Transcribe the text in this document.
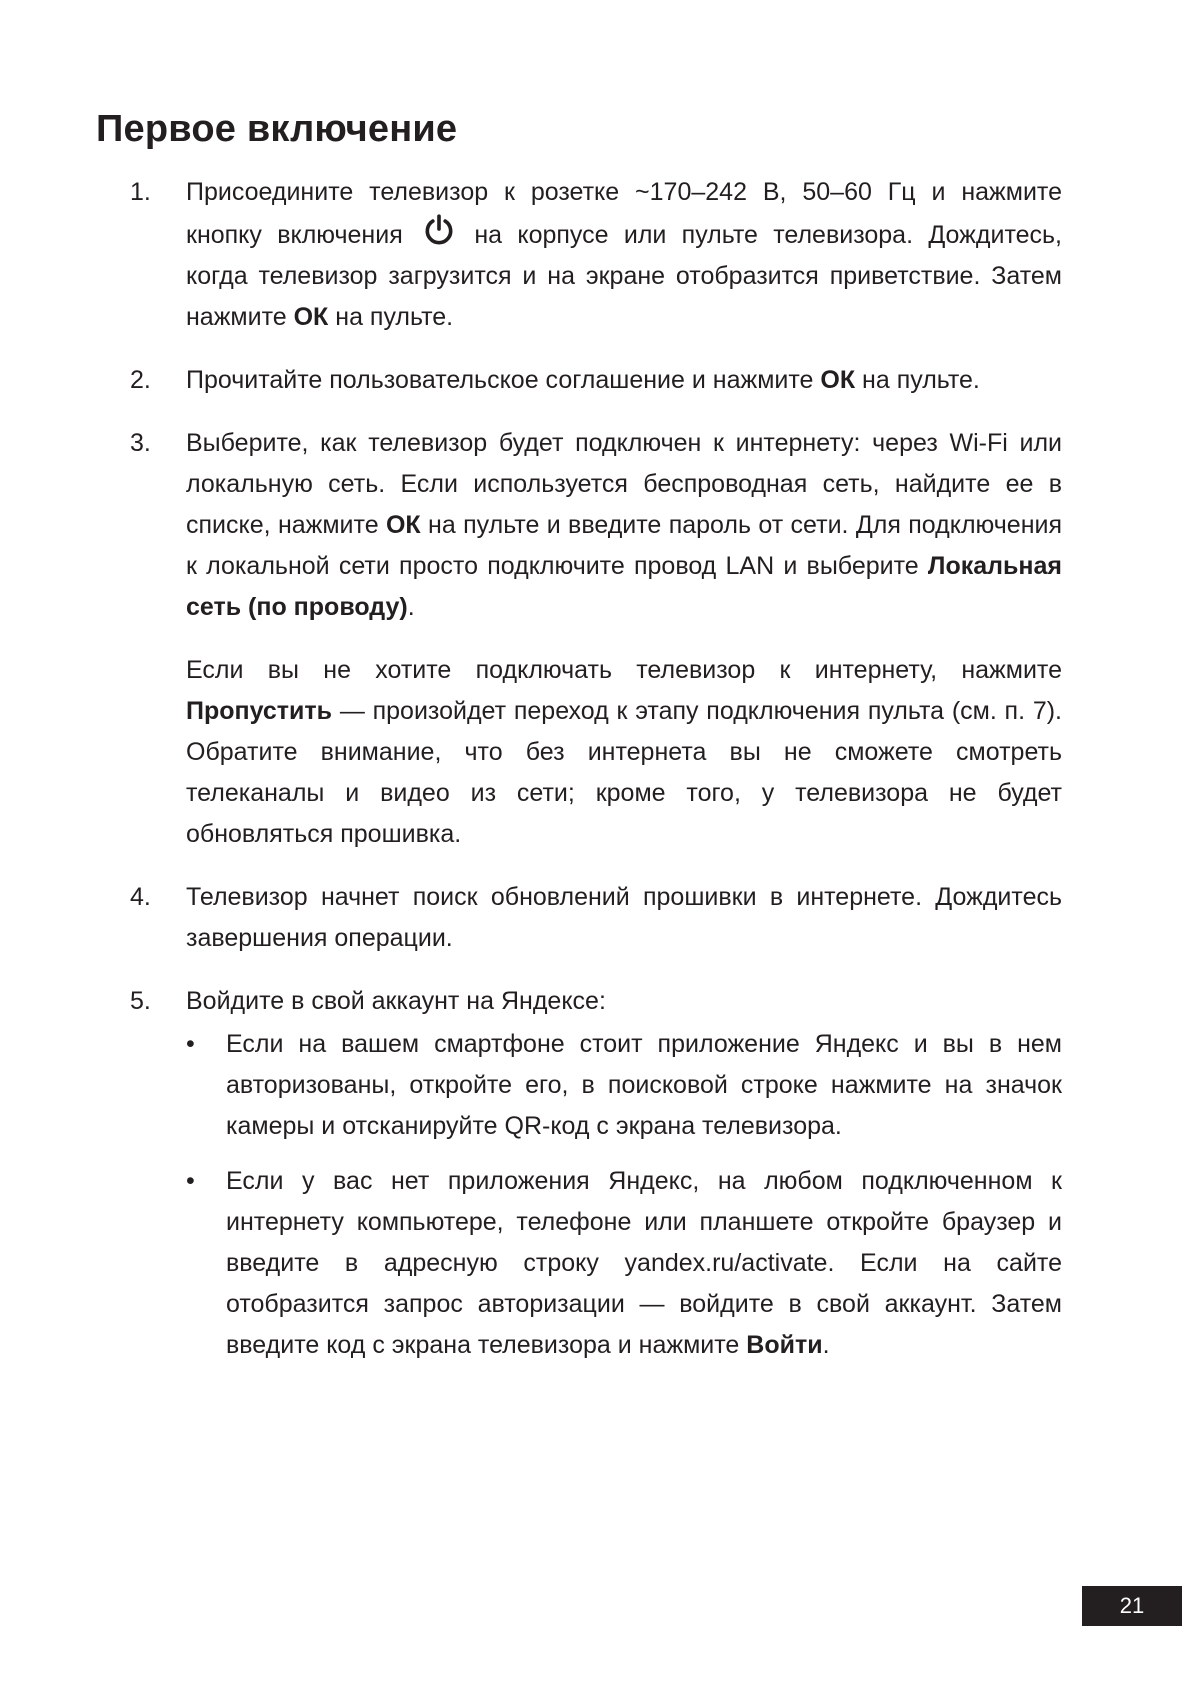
Первое включение
1.	Присоедините телевизор к розетке ~170–242 В, 50–60 Гц и нажмите кнопку включения  на корпусе или пульте телевизора. Дождитесь, когда телевизор загрузится и на экране отобразится приветствие. Затем нажмите ОК на пульте.

2.	Прочитайте пользовательское соглашение и нажмите ОК на пульте.

3.	Выберите, как телевизор будет подключен к интернету: через Wi-Fi или локальную сеть. Если используется беспроводная сеть, найдите ее в списке, нажмите ОК на пульте и введите пароль от сети. Для подключения к локальной сети просто подключите провод LAN и выберите Локальная сеть (по проводу).

Если вы не хотите подключать телевизор к интернету, нажмите Пропустить — произойдет переход к этапу подключения пульта (см. п. 7). Обратите внимание, что без интернета вы не сможете смотреть телеканалы и видео из сети; кроме того, у телевизора не будет обновляться прошивка.

4.	Телевизор начнет поиск обновлений прошивки в интернете. Дождитесь завершения операции.

5.	Войдите в свой аккаунт на Яндексе:

•	Если на вашем смартфоне стоит приложение Яндекс и вы в нем авторизованы, откройте его, в поисковой строке нажмите на значок камеры и отсканируйте QR-код с экрана телевизора.
•	Если у вас нет приложения Яндекс, на любом подключенном к интернету компьютере, телефоне или планшете откройте браузер и введите в адресную строку yandex.ru/activate. Если на сайте отобразится запрос авторизации — войдите в свой аккаунт. Затем введите код с экрана телевизора и нажмите Войти.
21
